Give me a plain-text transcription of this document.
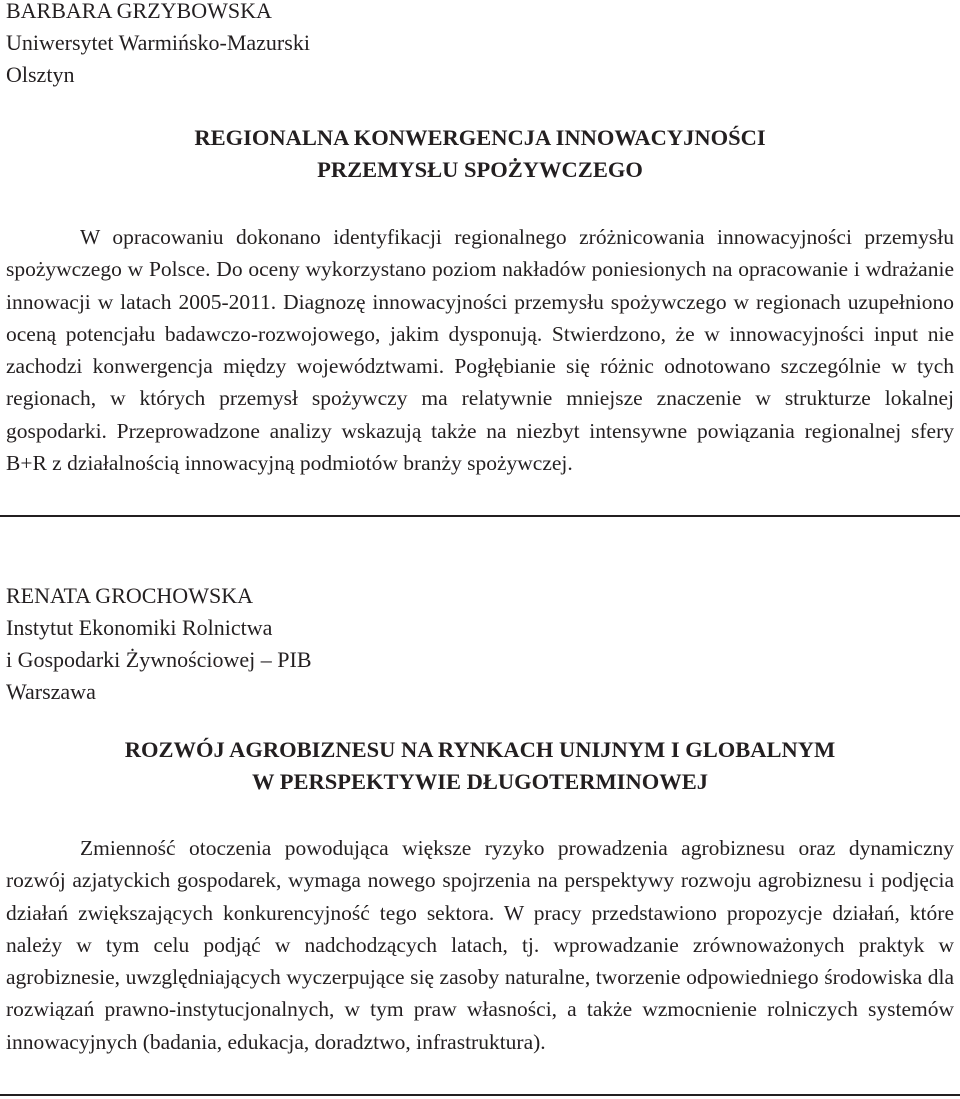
BARBARA GRZYBOWSKA
Uniwersytet Warmińsko-Mazurski
Olsztyn
REGIONALNA KONWERGENCJA INNOWACYJNOŚCI
PRZEMYSŁU SPOŻYWCZEGO
W opracowaniu dokonano identyfikacji regionalnego zróżnicowania innowacyjności przemysłu spożywczego w Polsce. Do oceny wykorzystano poziom nakładów poniesionych na opracowanie i wdrażanie innowacji w latach 2005-2011. Diagnozę innowacyjności przemysłu spożywczego w regionach uzupełniono oceną potencjału badawczo-rozwojowego, jakim dysponują. Stwierdzono, że w innowacyjności input nie zachodzi konwergencja między województwami. Pogłębianie się różnic odnotowano szczególnie w tych regionach, w których przemysł spożywczy ma relatywnie mniejsze znaczenie w strukturze lokalnej gospodarki. Przeprowadzone analizy wskazują także na niezbyt intensywne powiązania regionalnej sfery B+R z działalnością innowacyjną podmiotów branży spożywczej.
RENATA GROCHOWSKA
Instytut Ekonomiki Rolnictwa
i Gospodarki Żywnościowej – PIB
Warszawa
ROZWÓJ AGROBIZNESU NA RYNKACH UNIJNYM I GLOBALNYM
W PERSPEKTYWIE DŁUGOTERMINOWEJ
Zmienność otoczenia powodująca większe ryzyko prowadzenia agrobiznesu oraz dynamiczny rozwój azjatyckich gospodarek, wymaga nowego spojrzenia na perspektywy rozwoju agrobiznesu i podjęcia działań zwiększających konkurencyjność tego sektora. W pracy przedstawiono propozycje działań, które należy w tym celu podjąć w nadchodzących latach, tj. wprowadzanie zrównoważonych praktyk w agrobiznesie, uwzględniających wyczerpujące się zasoby naturalne, tworzenie odpowiedniego środowiska dla rozwiązań prawno-instytucjonalnych, w tym praw własności, a także wzmocnienie rolniczych systemów innowacyjnych (badania, edukacja, doradztwo, infrastruktura).
